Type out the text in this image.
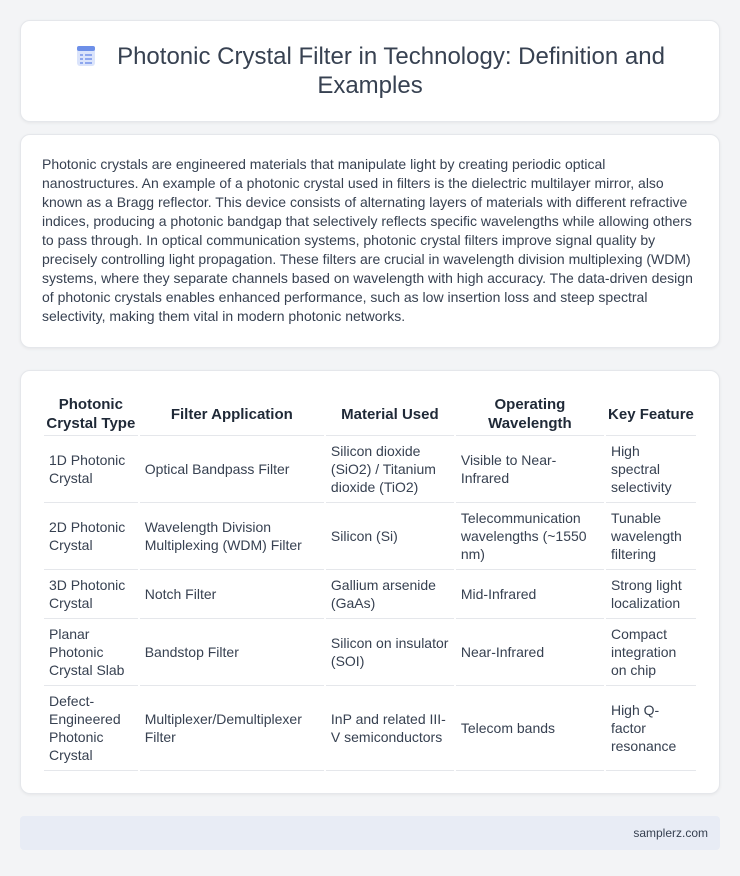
Photonic Crystal Filter in Technology: Definition and Examples

Photonic crystals are engineered materials that manipulate light by creating periodic optical nanostructures. An example of a photonic crystal used in filters is the dielectric multilayer mirror, also known as a Bragg reflector. This device consists of alternating layers of materials with different refractive indices, producing a photonic bandgap that selectively reflects specific wavelengths while allowing others to pass through. In optical communication systems, photonic crystal filters improve signal quality by precisely controlling light propagation. These filters are crucial in wavelength division multiplexing (WDM) systems, where they separate channels based on wavelength with high accuracy. The data-driven design of photonic crystals enables enhanced performance, such as low insertion loss and steep spectral selectivity, making them vital in modern photonic networks.

Photonic Crystal Type	Filter Application	Material Used	Operating Wavelength	Key Feature
1D Photonic Crystal	Optical Bandpass Filter	Silicon dioxide (SiO2) / Titanium dioxide (TiO2)	Visible to Near-Infrared	High spectral selectivity
2D Photonic Crystal	Wavelength Division Multiplexing (WDM) Filter	Silicon (Si)	Telecommunication wavelengths (~1550 nm)	Tunable wavelength filtering
3D Photonic Crystal	Notch Filter	Gallium arsenide (GaAs)	Mid-Infrared	Strong light localization
Planar Photonic Crystal Slab	Bandstop Filter	Silicon on insulator (SOI)	Near-Infrared	Compact integration on chip
Defect-Engineered Photonic Crystal	Multiplexer/Demultiplexer Filter	InP and related III-V semiconductors	Telecom bands	High Q-factor resonance
samplerz.com
